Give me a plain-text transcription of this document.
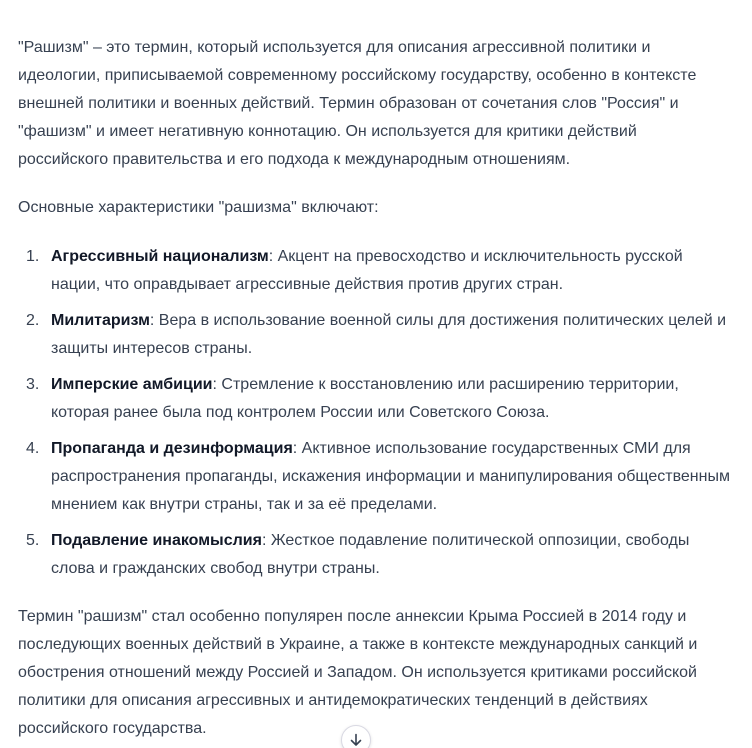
"Рашизм" – это термин, который используется для описания агрессивной политики и идеологии, приписываемой современному российскому государству, особенно в контексте внешней политики и военных действий. Термин образован от сочетания слов "Россия" и "фашизм" и имеет негативную коннотацию. Он используется для критики действий российского правительства и его подхода к международным отношениям.

Основные характеристики "рашизма" включают:

1. Агрессивный национализм: Акцент на превосходство и исключительность русской нации, что оправдывает агрессивные действия против других стран.
2. Милитаризм: Вера в использование военной силы для достижения политических целей и защиты интересов страны.
3. Имперские амбиции: Стремление к восстановлению или расширению территории, которая ранее была под контролем России или Советского Союза.
4. Пропаганда и дезинформация: Активное использование государственных СМИ для распространения пропаганды, искажения информации и манипулирования общественным мнением как внутри страны, так и за её пределами.
5. Подавление инакомыслия: Жесткое подавление политической оппозиции, свободы слова и гражданских свобод внутри страны.

Термин "рашизм" стал особенно популярен после аннексии Крыма Россией в 2014 году и последующих военных действий в Украине, а также в контексте международных санкций и обострения отношений между Россией и Западом. Он используется критиками российской политики для описания агрессивных и антидемократических тенденций в действиях российского государства.
